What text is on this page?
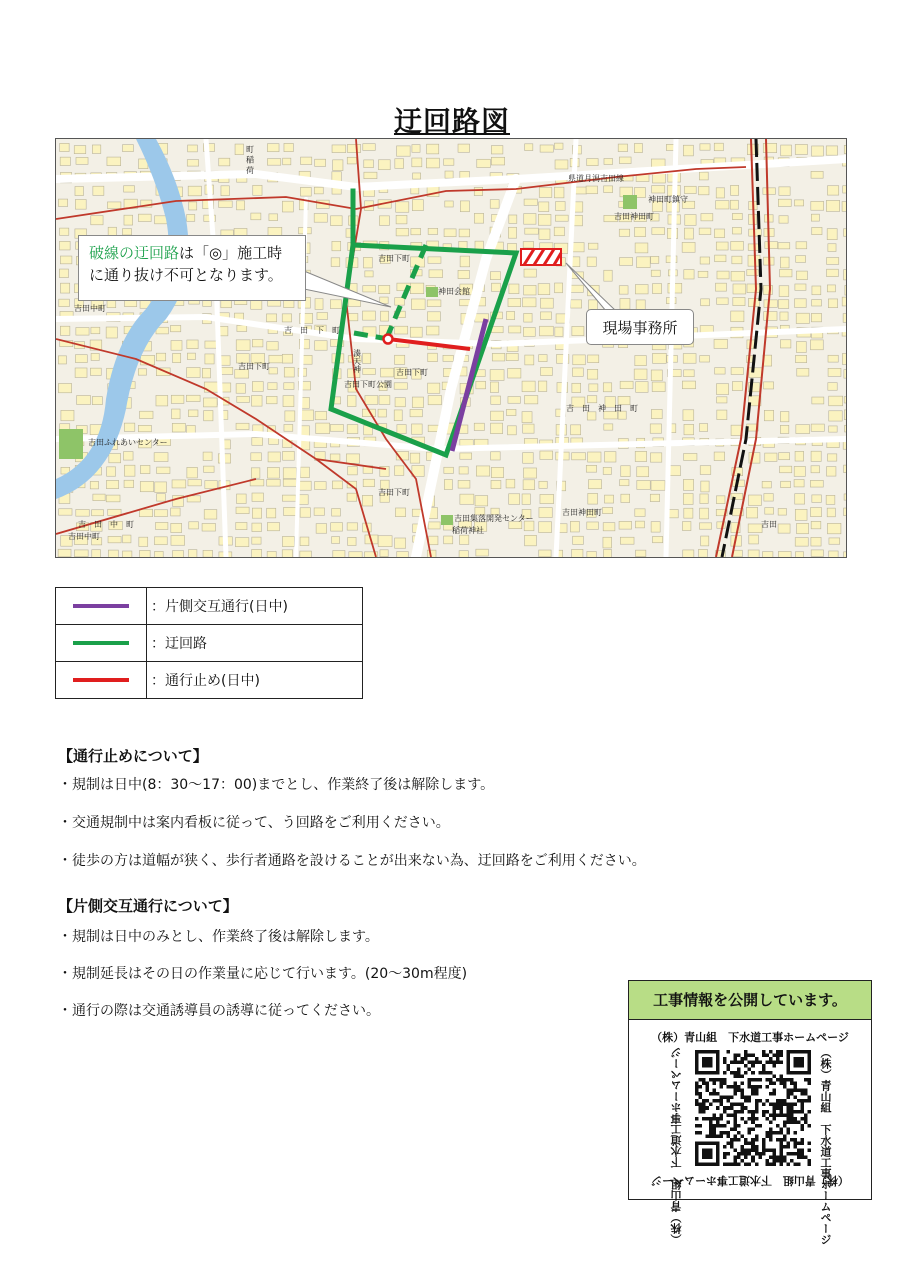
迂回路図
町 稲 荷
神田町鎮守
吉田神田町
県道月潟吉田線
吉田下町
神田会館
吉　田　下　町
吉田下町
吉田中町
吉田下町公園
吉田下町
湊天神
吉　田　神　田　町
吉田ふれあいセンター
吉田下町
吉　田　中　町
吉田中町
吉田集落開発センター
稲荷神社
吉田神田町
吉田
破線の迂回路は「◎」施工時
に通り抜け不可となります。
現場事務所
	：片側交互通行(日中)
	：迂回路
	：通行止め(日中)
【通行止めについて】
・規制は日中(8：30～17：00)までとし、作業終了後は解除します。
・交通規制中は案内看板に従って、う回路をご利用ください。
・徒歩の方は道幅が狭く、歩行者通路を設けることが出来ない為、迂回路をご利用ください。
【片側交互通行について】
・規制は日中のみとし、作業終了後は解除します。
・規制延長はその日の作業量に応じて行います。(20～30m程度)
・通行の際は交通誘導員の誘導に従ってください。
工事情報を公開しています。
（株）青山組　下水道工事ホームページ
（株）青山組　下水道工事ホームページ
（株）青山組　下水道工事ホームページ
（株）青山組　下水道工事ホームページ
